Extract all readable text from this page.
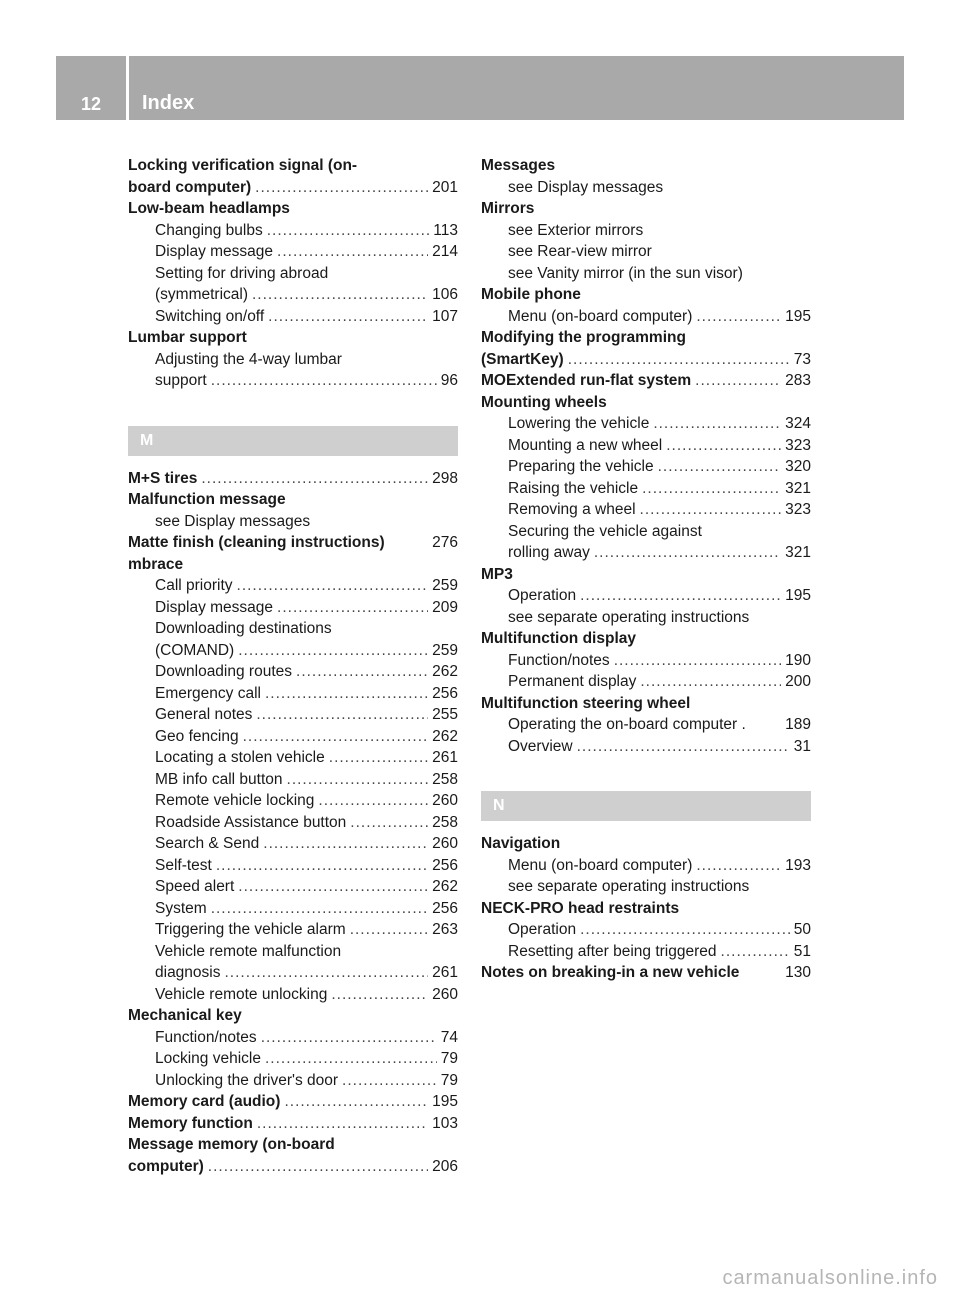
12	Index
Locking verification signal (on-
board computer) .....	201
Low-beam headlamps
Changing bulbs .....	113
Display message .....	214
Setting for driving abroad
(symmetrical) .....	106
Switching on/off .....	107
Lumbar support
Adjusting the 4-way lumbar
support .....	96
M
M+S tires .....	298
Malfunction message
see Display messages
Matte finish (cleaning instructions)	276
mbrace
Call priority .....	259
Display message .....	209
Downloading destinations
(COMAND) .....	259
Downloading routes .....	262
Emergency call .....	256
General notes .....	255
Geo fencing .....	262
Locating a stolen vehicle .....	261
MB info call button .....	258
Remote vehicle locking .....	260
Roadside Assistance button .....	258
Search & Send .....	260
Self-test .....	256
Speed alert .....	262
System .....	256
Triggering the vehicle alarm .....	263
Vehicle remote malfunction
diagnosis .....	261
Vehicle remote unlocking .....	260
Mechanical key
Function/notes .....	74
Locking vehicle .....	79
Unlocking the driver's door .....	79
Memory card (audio) .....	195
Memory function .....	103
Message memory (on-board
computer) .....	206
Messages
see Display messages
Mirrors
see Exterior mirrors
see Rear-view mirror
see Vanity mirror (in the sun visor)
Mobile phone
Menu (on-board computer) .....	195
Modifying the programming
(SmartKey) .....	73
MOExtended run-flat system .....	283
Mounting wheels
Lowering the vehicle .....	324
Mounting a new wheel .....	323
Preparing the vehicle .....	320
Raising the vehicle .....	321
Removing a wheel .....	323
Securing the vehicle against
rolling away .....	321
MP3
Operation .....	195
see separate operating instructions
Multifunction display
Function/notes .....	190
Permanent display .....	200
Multifunction steering wheel
Operating the on-board computer .	189
Overview .....	31
N
Navigation
Menu (on-board computer) .....	193
see separate operating instructions
NECK-PRO head restraints
Operation .....	50
Resetting after being triggered .....	51
Notes on breaking-in a new vehicle	130
carmanualsonline.info
